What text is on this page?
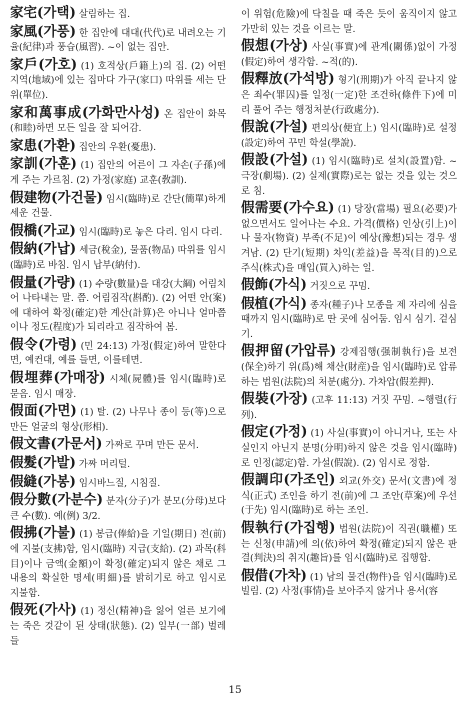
家宅(가택) 살림하는 집.

家風(가풍) 한 집안에 대대(代代)로 내려오는 기율(紀律)과 풍습(風習). ~이 없는 집안.

家戶(가호) (1) 호적상(戶籍上)의 집. (2) 어떤 지역(地域)에 있는 집마다 가구(家口) 따위를 세는 단위(單位).

家和萬事成(가화만사성) 온 집안이 화목(和睦)하면 모든 일을 잘 되어감.

家患(가환) 집안의 우환(憂患).

家訓(가훈) (1) 집안의 어른이 그 자손(子孫)에게 주는 가르침. (2) 가정(家庭) 교훈(敎訓).

假建物(가건물) 임시(臨時)로 간단(簡單)하게 세운 건물.

假橋(가교) 임시(臨時)로 놓은 다리. 임시 다리.

假納(가납) 세금(稅金), 물품(物品) 따위를 임시(臨時)로 바침. 임시 납부(納付).

假量(가량) (1) 수량(數量)을 대강(大綱) 어림치어 나타내는 말. 쯤. 어림짐작(斟酌). (2) 어떤 안(案)에 대하여 확정(確定)한 계산(計算)은 아니나 얼마쯤이나 정도(程度)가 되리라고 짐작하여 봄.

假令(가령) (민 24:13) 가정(假定)하여 말한다면, 예컨대, 예를 들면, 이를테면.

假埋葬(가매장) 시체(屍體)를 임시(臨時)로 묻음. 임시 매장.

假面(가면) (1) 탈. (2) 나무나 종이 등(等)으로 만든 얼굴의 형상(形相).

假文書(가문서) 가짜로 꾸며 만든 문서.

假髮(가발) 가짜 머리털.

假縫(가봉) 임시바느질, 시침질.

假分數(가분수) 분자(分子)가 분모(分母)보다 큰 수(數). 예(例) 3/2.

假拂(가불) (1) 봉급(俸給)을 기일(期日) 전(前)에 지불(支拂)함, 임시(臨時) 지급(支給). (2) 과목(科目)이나 금액(金額)이 확정(確定)되지 않은 채로 그 내용의 확실한 명세(明細)를 밝히기로 하고 임시로 지불함.

假死(가사) (1) 정신(精神)을 잃어 얼른 보기에는 죽은 것같이 된 상태(狀態). (2) 일부(一部) 벌레들

이 위험(危險)에 닥칠을 때 죽은 듯이 움직이지 않고 가만히 있는 것을 이르는 말.

假想(가상) 사실(事實)에 관계(關係)없이 가정(假定)하여 생각함. ~적(的).

假釋放(가석방) 형기(刑期)가 아직 끝나지 않은 죄수(罪囚)를 일정(一定)한 조건하(條件下)에 미리 풀어 주는 행정처분(行政處分).

假說(가설) 편의상(便宜上) 임시(臨時)로 설정(設定)하여 꾸민 학설(學說).

假設(가설) (1) 임시(臨時)로 설치(設置)함. ~극장(劇場). (2) 실제(實際)로는 없는 것을 있는 것으로 침.

假需要(가수요) (1) 당장(當場) 필요(必要)가 없으면서도 일어나는 수요. 가격(價格) 인상(引上)이나 물자(物資) 부족(不足)이 예상(豫想)되는 경우 생겨남. (2) 단기(短期) 차익(差益)을 목적(目的)으로 주식(株式)을 매입(買入)하는 일.

假飾(가식) 거짓으로 꾸밈.

假植(가식) 종자(種子)나 모종을 제 자리에 심을 때까지 임시(臨時)로 딴 곳에 심어둠. 임시 심기. 겉심기.

假押留(가압류) 강제집행(强制執行)을 보전(保全)하기 위(爲)해 채산(財産)을 임시(臨時)로 압류하는 법원(法院)의 처분(處分). 가차압(假差押).

假裝(가장) (고후 11:13) 거짓 꾸밈. ~행렬(行列).

假定(가정) (1) 사실(事實)이 아니거나, 또는 사실인지 아닌지 분명(分明)하지 않은 것을 임시(臨時)로 인정(認定)함. 가설(假說). (2) 임시로 정함.

假調印(가조인) 외교(外交) 문서(文書)에 정식(正式) 조인을 하기 전(前)에 그 조안(草案)에 우선 (于先) 임시(臨時)로 하는 조인.

假執行(가집행) 법원(法院)이 직권(職權) 또는 신청(申請)에 의(依)하여 확정(確定)되지 않은 판결(判決)의 취지(趣旨)를 임시(臨時)로 집행함.

假借(가차) (1) 남의 물건(物件)을 임시(臨時)로 빌림. (2) 사정(事情)을 보아주지 않거나 용서(容

15
